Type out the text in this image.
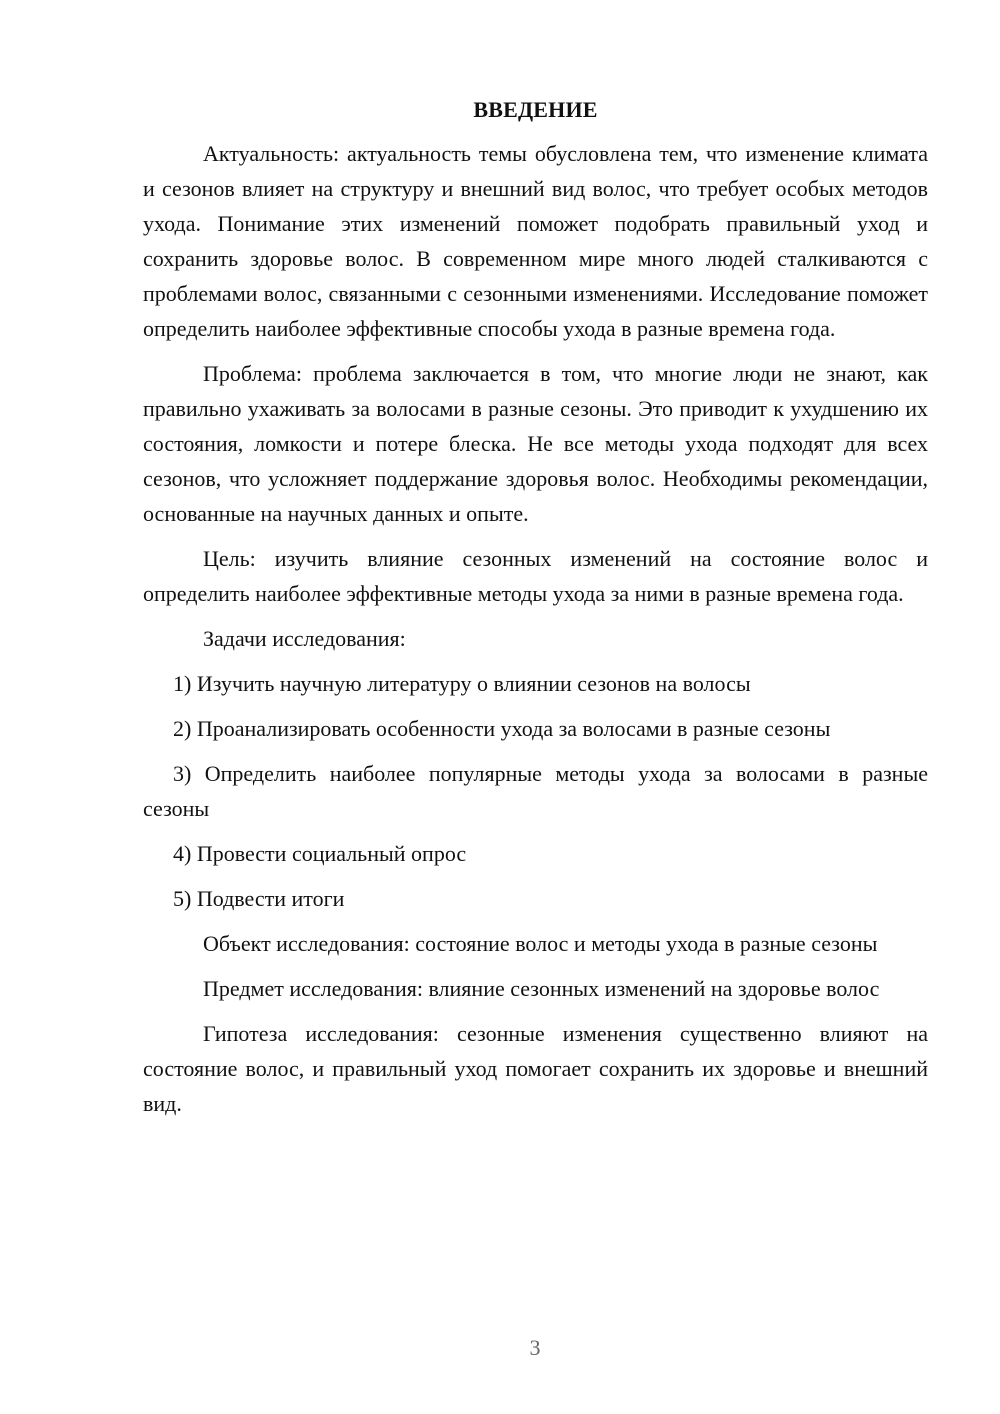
ВВЕДЕНИЕ

Актуальность: актуальность темы обусловлена тем, что изменение климата и сезонов влияет на структуру и внешний вид волос, что требует особых методов ухода. Понимание этих изменений поможет подобрать правильный уход и сохранить здоровье волос. В современном мире много людей сталкиваются с проблемами волос, связанными с сезонными изменениями. Исследование поможет определить наиболее эффективные способы ухода в разные времена года.

Проблема: проблема заключается в том, что многие люди не знают, как правильно ухаживать за волосами в разные сезоны. Это приводит к ухудшению их состояния, ломкости и потере блеска. Не все методы ухода подходят для всех сезонов, что усложняет поддержание здоровья волос. Необходимы рекомендации, основанные на научных данных и опыте.

Цель: изучить влияние сезонных изменений на состояние волос и определить наиболее эффективные методы ухода за ними в разные времена года.

Задачи исследования:

1) Изучить научную литературу о влиянии сезонов на волосы

2) Проанализировать особенности ухода за волосами в разные сезоны

3) Определить наиболее популярные методы ухода за волосами в разные сезоны

4) Провести социальный опрос

5) Подвести итоги

Объект исследования: состояние волос и методы ухода в разные сезоны

Предмет исследования: влияние сезонных изменений на здоровье волос

Гипотеза исследования: сезонные изменения существенно влияют на состояние волос, и правильный уход помогает сохранить их здоровье и внешний вид.

3
